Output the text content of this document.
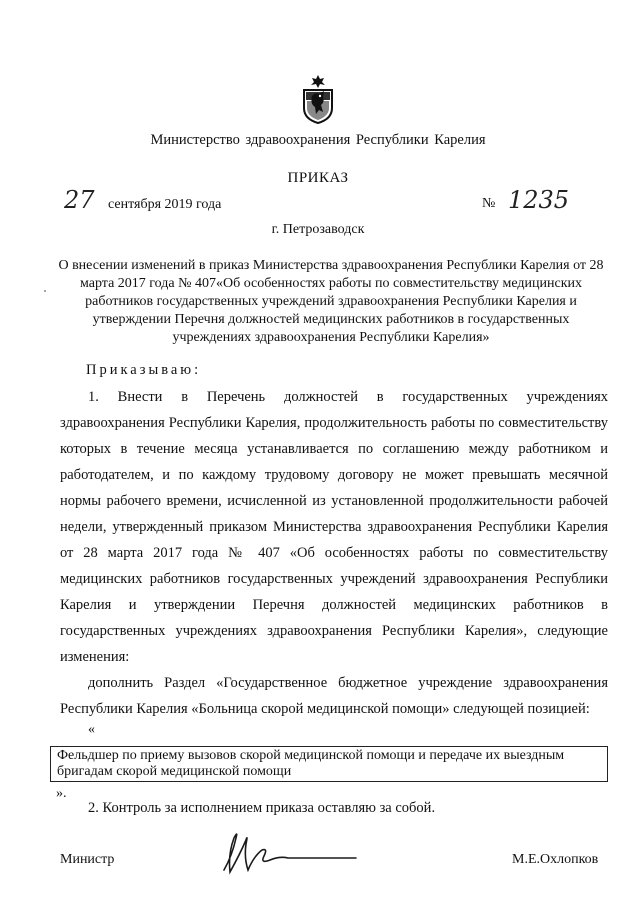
Министерство здравоохранения Республики Карелия
ПРИКАЗ
27 сентября 2019 года	№ 1235
г. Петрозаводск
О внесении изменений в приказ Министерства здравоохранения Республики Карелия от 28 марта 2017 года № 407«Об особенностях работы по совместительству медицинских работников государственных учреждений здравоохранения Республики Карелия и утверждении Перечня должностей медицинских работников в государственных учреждениях здравоохранения Республики Карелия»
Приказываю:
1. Внести в Перечень должностей в государственных учреждениях здравоохранения Республики Карелия, продолжительность работы по совместительству которых в течение месяца устанавливается по соглашению между работником и работодателем, и по каждому трудовому договору не может превышать месячной нормы рабочего времени, исчисленной из установленной продолжительности рабочей недели, утвержденный приказом Министерства здравоохранения Республики Карелия от 28 марта 2017 года № 407 «Об особенностях работы по совместительству медицинских работников государственных учреждений здравоохранения Республики Карелия и утверждении Перечня должностей медицинских работников в государственных учреждениях здравоохранения Республики Карелия», следующие изменения:
дополнить Раздел «Государственное бюджетное учреждение здравоохранения Республики Карелия «Больница скорой медицинской помощи» следующей позицией:
«
Фельдшер по приему вызовов скорой медицинской помощи и передаче их выездным бригадам скорой медицинской помощи
».
2. Контроль за исполнением приказа оставляю за собой.
Министр	М.Е.Охлопков
